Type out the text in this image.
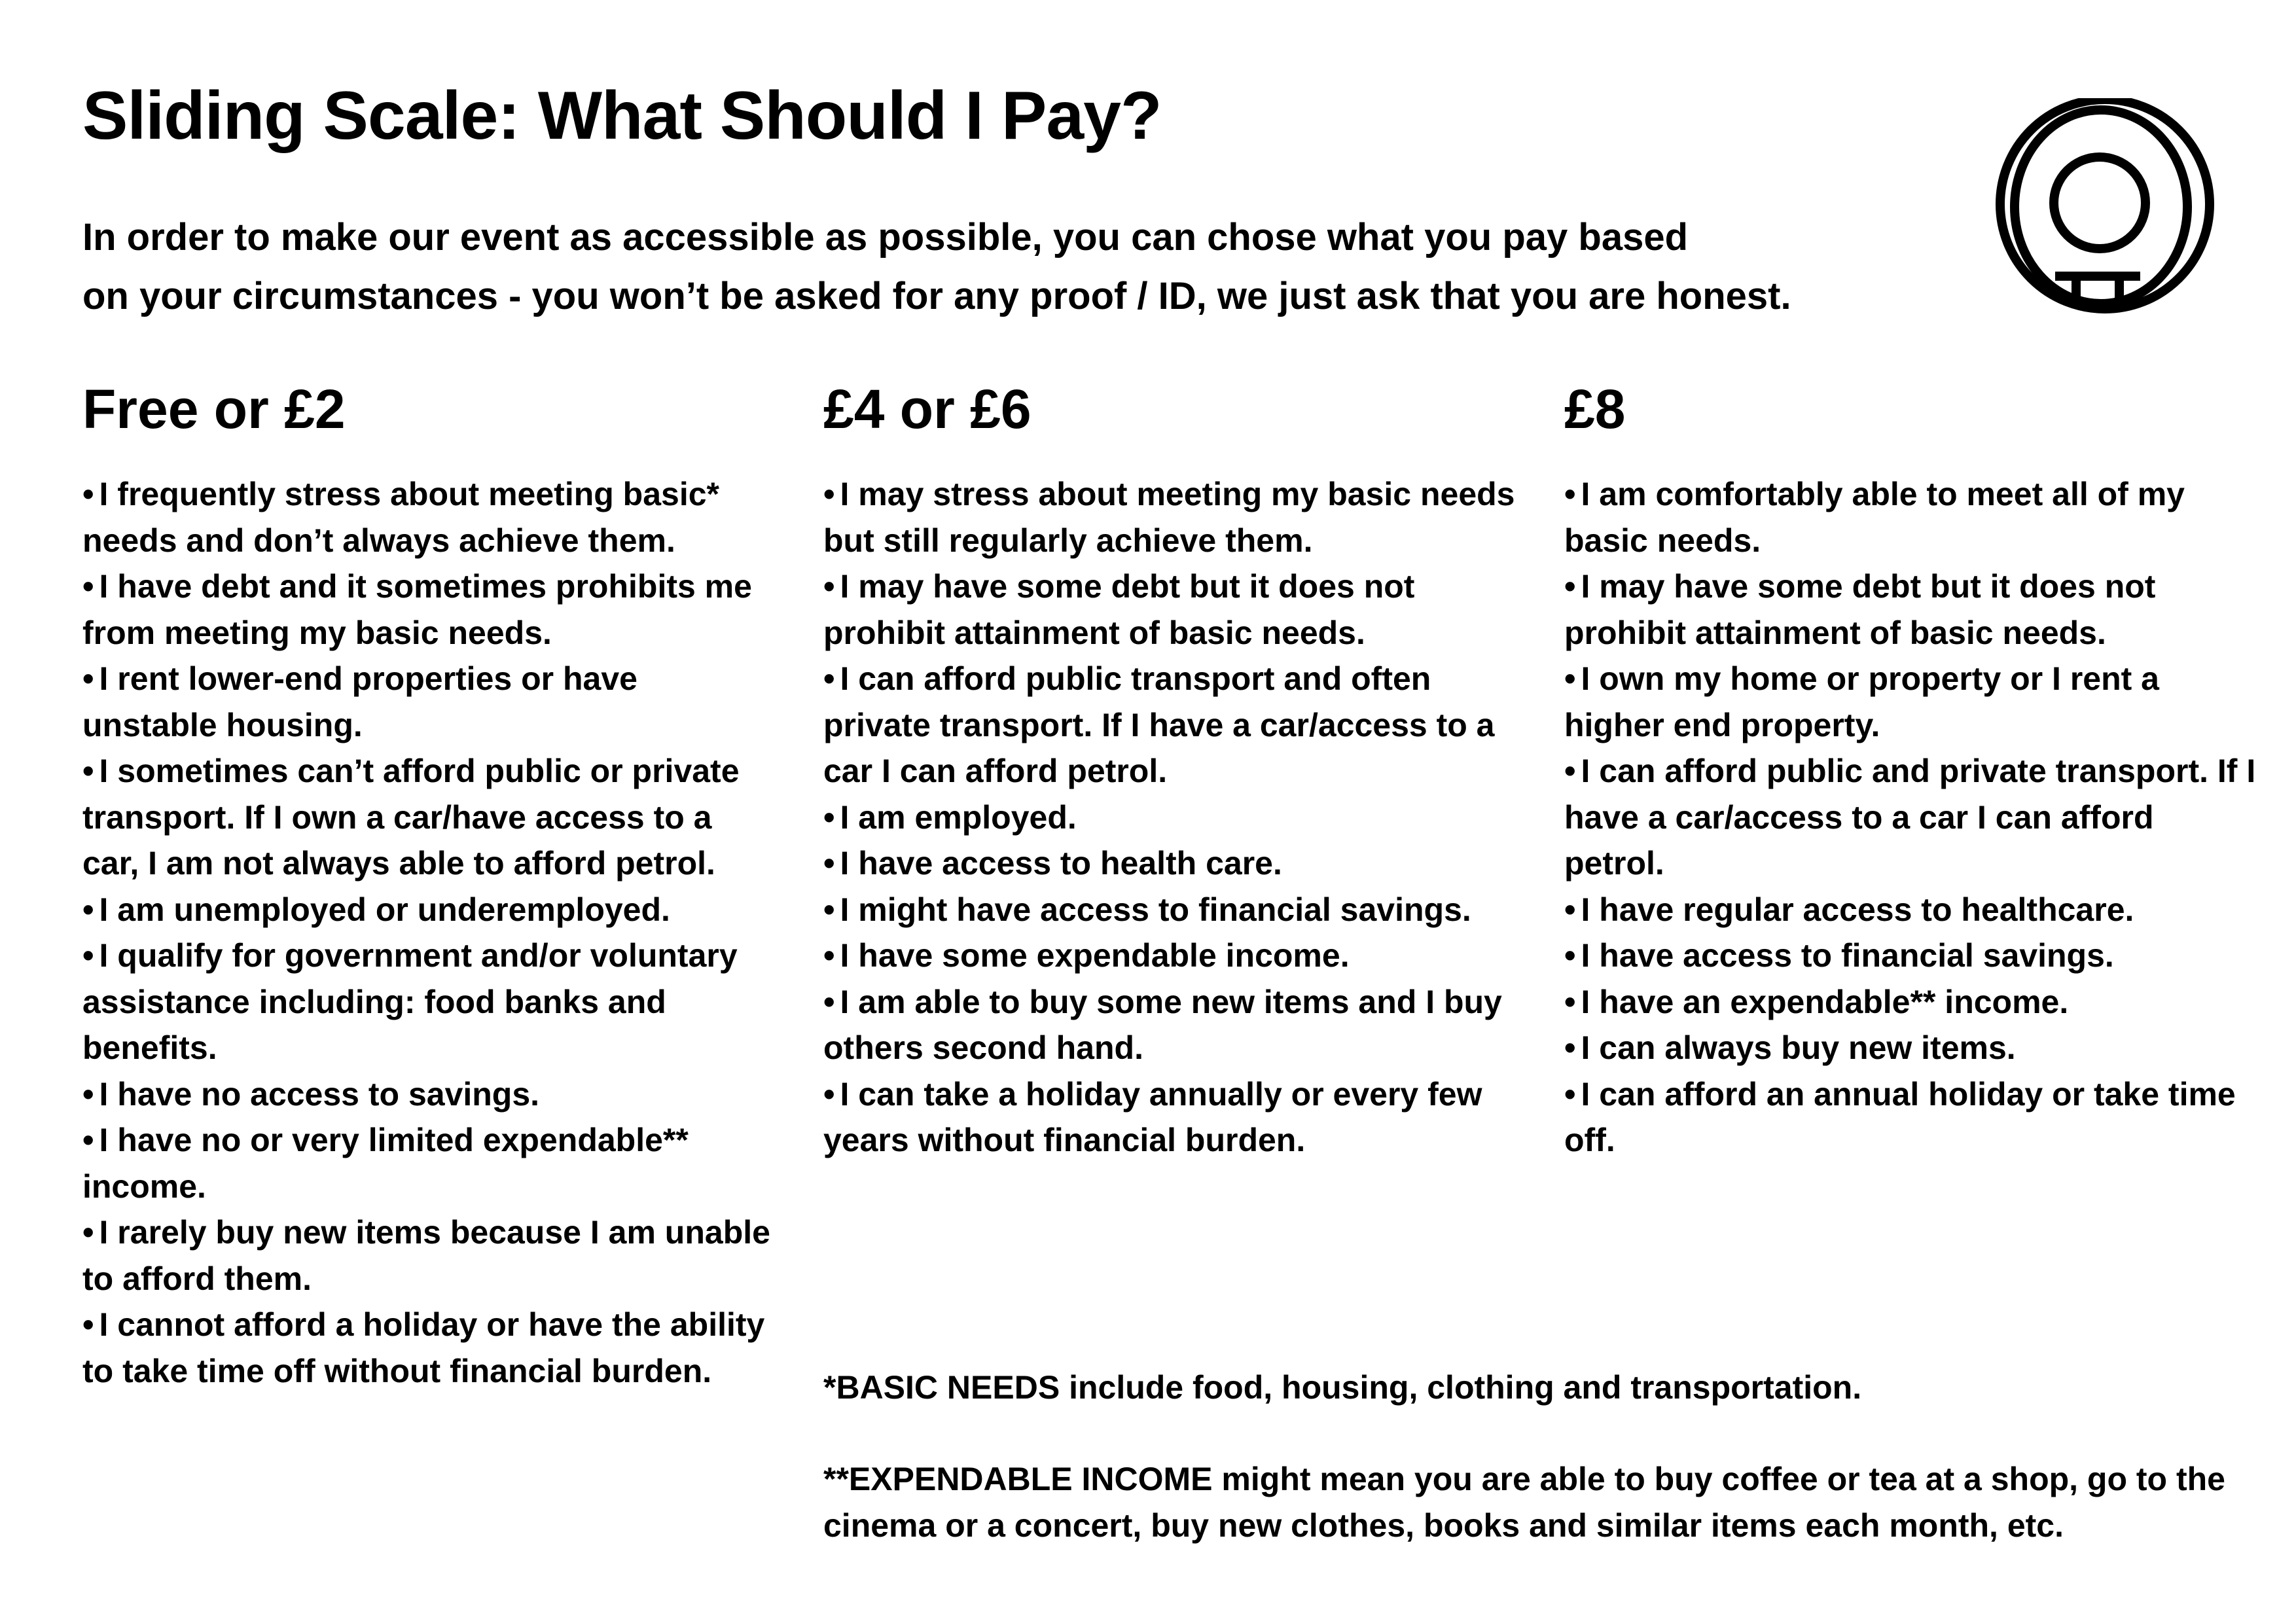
Sliding Scale: What Should I Pay?

In order to make our event as accessible as possible, you can chose what you pay based
on your circumstances - you won’t be asked for any proof / ID, we just ask that you are honest.

Free or £2
• I frequently stress about meeting basic* needs and don’t always achieve them.
• I have debt and it sometimes prohibits me from meeting my basic needs.
• I rent lower-end properties or have unstable housing.
• I sometimes can’t afford public or private transport. If I own a car/have access to a car, I am not always able to afford petrol.
• I am unemployed or underemployed.
• I qualify for government and/or voluntary assistance including: food banks and benefits.
• I have no access to savings.
• I have no or very limited expendable** income.
• I rarely buy new items because I am unable to afford them.
• I cannot afford a holiday or have the ability to take time off without financial burden.
£4 or £6
• I may stress about meeting my basic needs but still regularly achieve them.
• I may have some debt but it does not prohibit attainment of basic needs.
• I can afford public transport and often private transport. If I have a car/access to a car I can afford petrol.
• I am employed.
• I have access to health care.
• I might have access to financial savings.
• I have some expendable income.
• I am able to buy some new items and I buy others second hand.
• I can take a holiday annually or every few years without financial burden.
£8
• I am comfortably able to meet all of my basic needs.
• I may have some debt but it does not prohibit attainment of basic needs.
• I own my home or property or I rent a higher end property.
• I can afford public and private transport. If I have a car/access to a car I can afford petrol.
• I have regular access to healthcare.
• I have access to financial savings.
• I have an expendable** income.
• I can always buy new items.
• I can afford an annual holiday or take time off.

*BASIC NEEDS include food, housing, clothing and transportation.

**EXPENDABLE INCOME might mean you are able to buy coffee or tea at a shop, go to the cinema or a concert, buy new clothes, books and similar items each month, etc.
